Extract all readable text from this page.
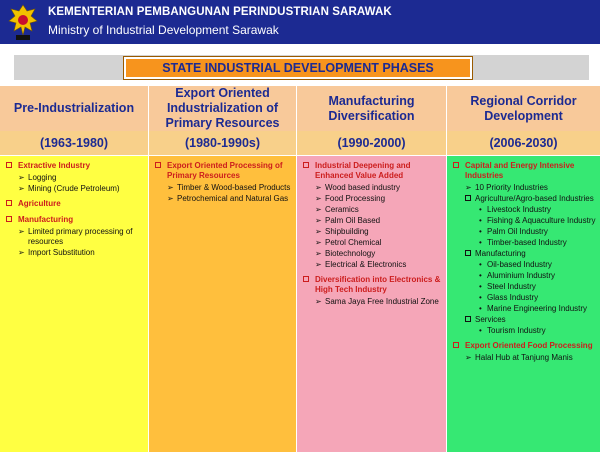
KEMENTERIAN PEMBANGUNAN PERINDUSTRIAN SARAWAK
Ministry of Industrial Development Sarawak
STATE INDUSTRIAL DEVELOPMENT PHASES
Pre-Industrialization
(1963-1980)
Extractive Industry
➢ Logging
➢ Mining (Crude Petroleum)
Agriculture
Manufacturing
➢ Limited primary processing of resources
➢ Import Substitution
Export Oriented Industrialization of Primary Resources
(1980-1990s)
Export Oriented Processing of Primary Resources
➢ Timber & Wood-based Products
➢ Petrochemical and Natural Gas
Manufacturing Diversification
(1990-2000)
Industrial Deepening and Enhanced Value Added
➢ Wood based industry
➢ Food Processing
➢ Ceramics
➢ Palm Oil Based
➢ Shipbuilding
➢ Petrol Chemical
➢ Biotechnology
➢ Electrical & Electronics
Diversification into Electronics & High Tech Industry
➢ Sama Jaya Free Industrial Zone
Regional Corridor Development
(2006-2030)
Capital and Energy Intensive Industries
➢ 10 Priority Industries
Agriculture/Agro-based Industries
• Livestock Industry
• Fishing & Aquaculture Industry
• Palm Oil Industry
• Timber-based Industry
Manufacturing
• Oil-based Industry
• Aluminium Industry
• Steel Industry
• Glass Industry
• Marine Engineering Industry
Services
• Tourism Industry
Export Oriented Food Processing
➢ Halal Hub at Tanjung Manis
